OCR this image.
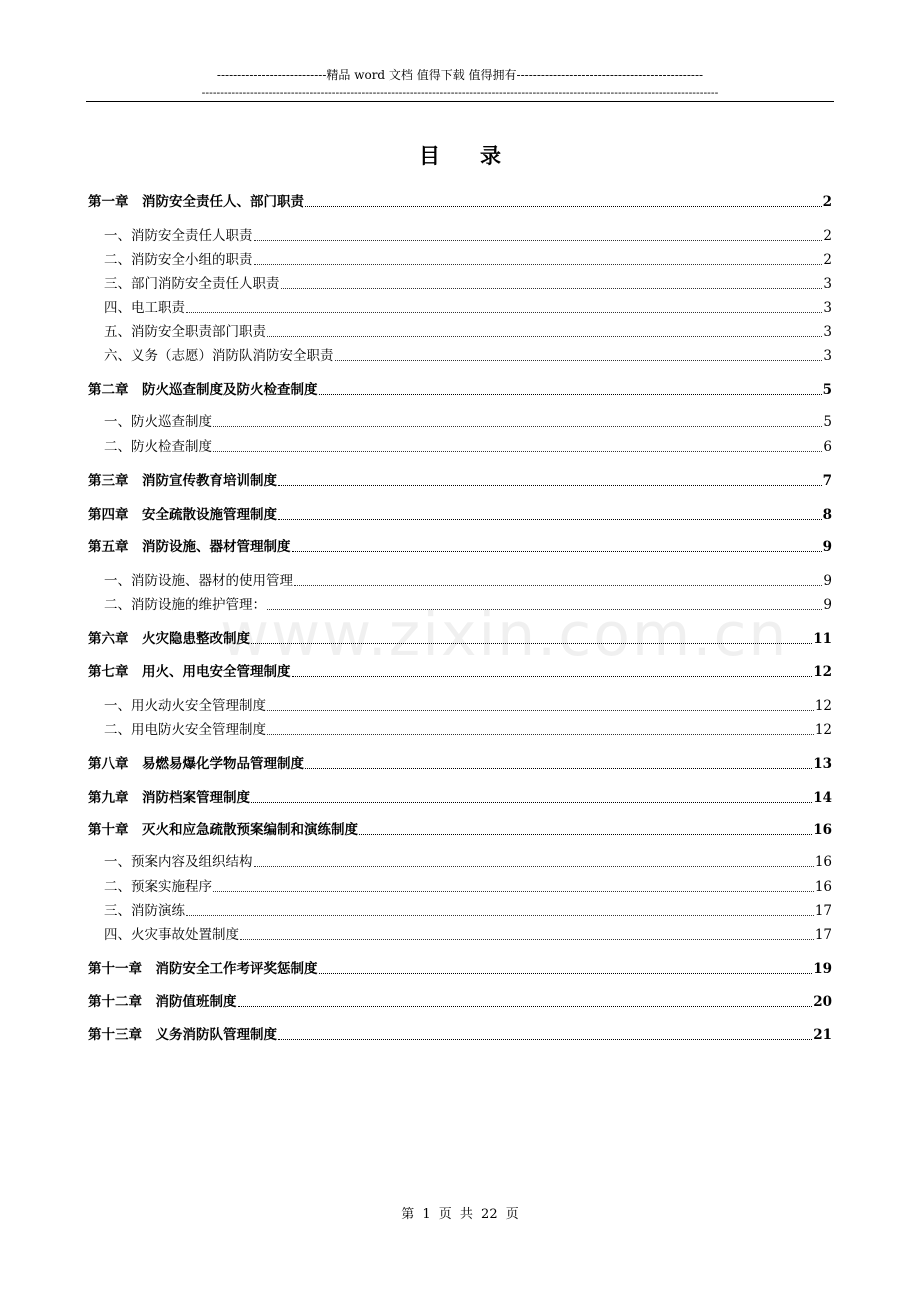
---------------------------精品 word 文档 值得下载 值得拥有----------------------------------------------
-------------------------------------------------------------------------------------------------------------------------------------------
目录
www.zixin.com.cn
第一章　消防安全责任人、部门职责	2
一、消防安全责任人职责	2
二、消防安全小组的职责	2
三、部门消防安全责任人职责	3
四、电工职责	3
五、消防安全职责部门职责	3
六、义务（志愿）消防队消防安全职责	3
第二章　防火巡查制度及防火检查制度	5
一、防火巡查制度	5
二、防火检查制度	6
第三章　消防宣传教育培训制度	7
第四章　安全疏散设施管理制度	8
第五章　消防设施、器材管理制度	9
一、消防设施、器材的使用管理	9
二、消防设施的维护管理：	9
第六章　火灾隐患整改制度	11
第七章　用火、用电安全管理制度	12
一、用火动火安全管理制度	12
二、用电防火安全管理制度	12
第八章　易燃易爆化学物品管理制度	13
第九章　消防档案管理制度	14
第十章　灭火和应急疏散预案编制和演练制度	16
一、预案内容及组织结构	16
二、预案实施程序	16
三、消防演练	17
四、火灾事故处置制度	17
第十一章　消防安全工作考评奖惩制度	19
第十二章　消防值班制度	20
第十三章　义务消防队管理制度	21
第 1 页 共 22 页
